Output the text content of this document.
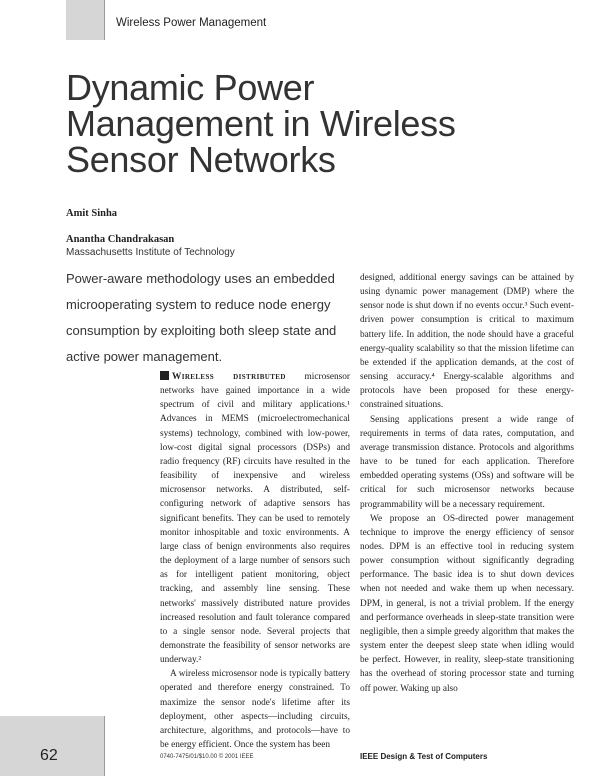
Wireless Power Management
Dynamic Power Management in Wireless Sensor Networks
Amit Sinha
Anantha Chandrakasan
Massachusetts Institute of Technology
Power-aware methodology uses an embedded microoperating system to reduce node energy consumption by exploiting both sleep state and active power management.

Wireless distributed microsensor networks have gained importance in a wide spectrum of civil and military applications.¹ Advances in MEMS (microelectromechanical systems) technology, combined with low-power, low-cost digital signal processors (DSPs) and radio frequency (RF) circuits have resulted in the feasibility of inexpensive and wireless microsensor networks. A distributed, self-configuring network of adaptive sensors has significant benefits. They can be used to remotely monitor inhospitable and toxic environments. A large class of benign environments also requires the deployment of a large number of sensors such as for intelligent patient monitoring, object tracking, and assembly line sensing. These networks' massively distributed nature provides increased resolution and fault tolerance compared to a single sensor node. Several projects that demonstrate the feasibility of sensor networks are underway.²

A wireless microsensor node is typically battery operated and therefore energy constrained. To maximize the sensor node's lifetime after its deployment, other aspects—including circuits, architecture, algorithms, and protocols—have to be energy efficient. Once the system has been

designed, additional energy savings can be attained by using dynamic power management (DMP) where the sensor node is shut down if no events occur.³ Such event-driven power consumption is critical to maximum battery life. In addition, the node should have a graceful energy-quality scalability so that the mission lifetime can be extended if the application demands, at the cost of sensing accuracy.⁴ Energy-scalable algorithms and protocols have been proposed for these energy-constrained situations.

Sensing applications present a wide range of requirements in terms of data rates, computation, and average transmission distance. Protocols and algorithms have to be tuned for each application. Therefore embedded operating systems (OSs) and software will be critical for such microsensor networks because programmability will be a necessary requirement.

We propose an OS-directed power management technique to improve the energy efficiency of sensor nodes. DPM is an effective tool in reducing system power consumption without significantly degrading performance. The basic idea is to shut down devices when not needed and wake them up when necessary. DPM, in general, is not a trivial problem. If the energy and performance overheads in sleep-state transition were negligible, then a simple greedy algorithm that makes the system enter the deepest sleep state when idling would be perfect. However, in reality, sleep-state transitioning has the overhead of storing processor state and turning off power. Waking up also

62	0740-7475/01/$10.00 © 2001 IEEE	IEEE Design & Test of Computers
